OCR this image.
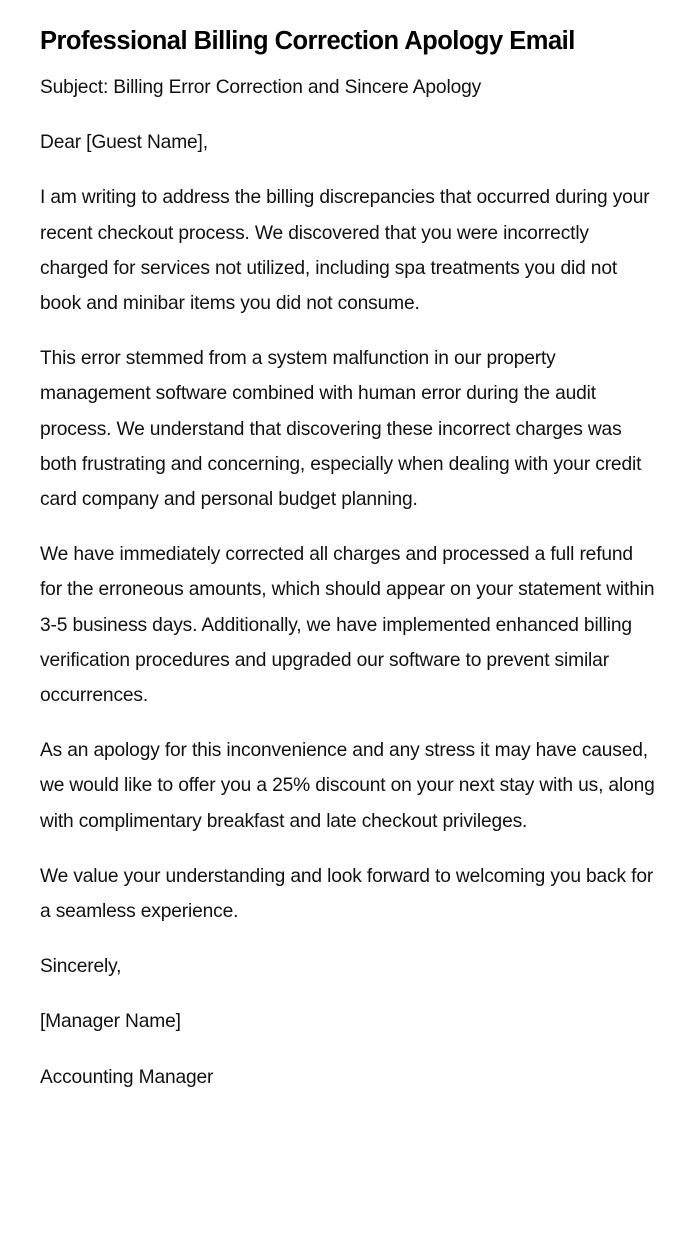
Professional Billing Correction Apology Email

Subject: Billing Error Correction and Sincere Apology

Dear [Guest Name],

I am writing to address the billing discrepancies that occurred during your recent checkout process. We discovered that you were incorrectly charged for services not utilized, including spa treatments you did not book and minibar items you did not consume.

This error stemmed from a system malfunction in our property management software combined with human error during the audit process. We understand that discovering these incorrect charges was both frustrating and concerning, especially when dealing with your credit card company and personal budget planning.

We have immediately corrected all charges and processed a full refund for the erroneous amounts, which should appear on your statement within 3-5 business days. Additionally, we have implemented enhanced billing verification procedures and upgraded our software to prevent similar occurrences.

As an apology for this inconvenience and any stress it may have caused, we would like to offer you a 25% discount on your next stay with us, along with complimentary breakfast and late checkout privileges.

We value your understanding and look forward to welcoming you back for a seamless experience.

Sincerely,

[Manager Name]

Accounting Manager
